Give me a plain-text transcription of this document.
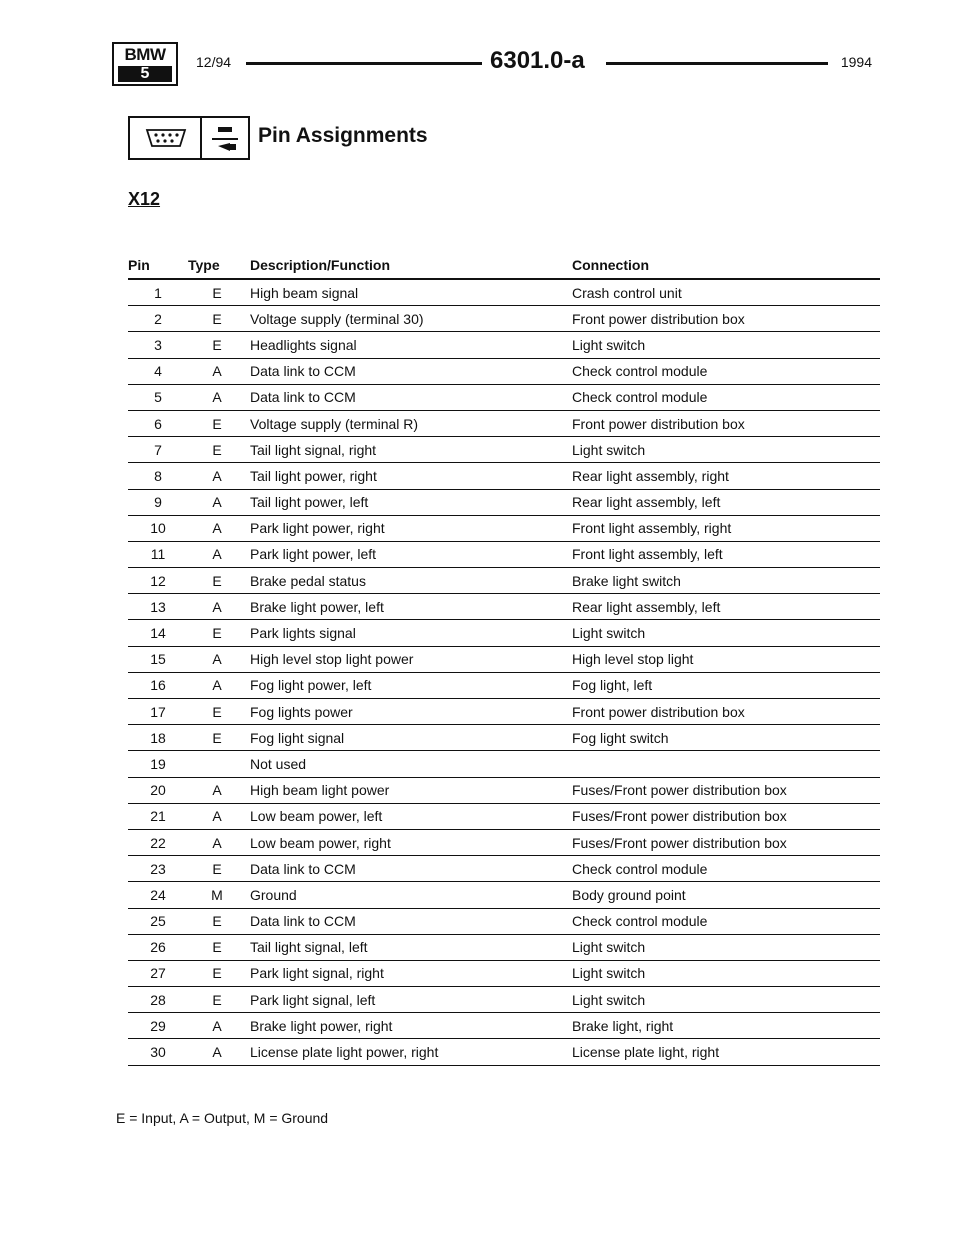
BMW
5
12/94	6301.0-a	1994
Pin Assignments
X12
Pin	Type	Description/Function	Connection
1	E	High beam signal	Crash control unit
2	E	Voltage supply (terminal 30)	Front power distribution box
3	E	Headlights signal	Light switch
4	A	Data link to CCM	Check control module
5	A	Data link to CCM	Check control module
6	E	Voltage supply (terminal R)	Front power distribution box
7	E	Tail light signal, right	Light switch
8	A	Tail light power, right	Rear light assembly, right
9	A	Tail light power, left	Rear light assembly, left
10	A	Park light power, right	Front light assembly, right
11	A	Park light power, left	Front light assembly, left
12	E	Brake pedal status	Brake light switch
13	A	Brake light power, left	Rear light assembly, left
14	E	Park lights signal	Light switch
15	A	High level stop light power	High level stop light
16	A	Fog light power, left	Fog light, left
17	E	Fog lights power	Front power distribution box
18	E	Fog light signal	Fog light switch
19		Not used	
20	A	High beam light power	Fuses/Front power distribution box
21	A	Low beam power, left	Fuses/Front power distribution box
22	A	Low beam power, right	Fuses/Front power distribution box
23	E	Data link to CCM	Check control module
24	M	Ground	Body ground point
25	E	Data link to CCM	Check control module
26	E	Tail light signal, left	Light switch
27	E	Park light signal, right	Light switch
28	E	Park light signal, left	Light switch
29	A	Brake light power, right	Brake light, right
30	A	License plate light power, right	License plate light, right
E = Input, A = Output, M = Ground
